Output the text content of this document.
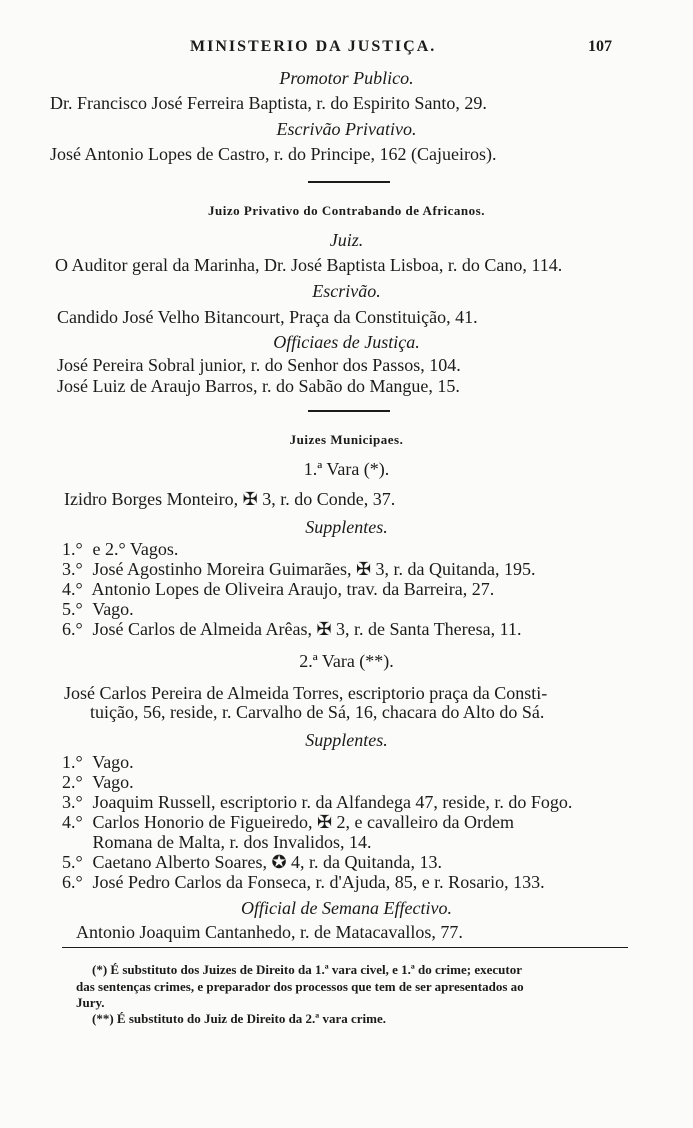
MINISTERIO DA JUSTIÇA.	107
Promotor Publico.
Dr. Francisco José Ferreira Baptista, r. do Espirito Santo, 29.
Escrivão Privativo.
José Antonio Lopes de Castro, r. do Principe, 162 (Cajueiros).
Juizo Privativo do Contrabando de Africanos.
Juiz.
O Auditor geral da Marinha, Dr. José Baptista Lisboa, r. do Cano, 114.
Escrivão.
Candido José Velho Bitancourt, Praça da Constituição, 41.
Officiaes de Justiça.
José Pereira Sobral junior, r. do Senhor dos Passos, 104.
José Luiz de Araujo Barros, r. do Sabão do Mangue, 15.
Juizes Municipaes.
1.ª Vara (*).
Izidro Borges Monteiro, ✠ 3, r. do Conde, 37.
Supplentes.
1.° e 2.° Vagos.
3.° José Agostinho Moreira Guimarães, ✠ 3, r. da Quitanda, 195.
4.° Antonio Lopes de Oliveira Araujo, trav. da Barreira, 27.
5.° Vago.
6.° José Carlos de Almeida Arêas, ✠ 3, r. de Santa Theresa, 11.
2.ª Vara (**).
José Carlos Pereira de Almeida Torres, escriptorio praça da Consti-
tuição, 56, reside, r. Carvalho de Sá, 16, chacara do Alto do Sá.
Supplentes.
1.° Vago.
2.° Vago.
3.° Joaquim Russell, escriptorio r. da Alfandega 47, reside, r. do Fogo.
4.° Carlos Honorio de Figueiredo, ✠ 2, e cavalleiro da Ordem
Romana de Malta, r. dos Invalidos, 14.
5.° Caetano Alberto Soares, ✪ 4, r. da Quitanda, 13.
6.° José Pedro Carlos da Fonseca, r. d'Ajuda, 85, e r. Rosario, 133.
Official de Semana Effectivo.
Antonio Joaquim Cantanhedo, r. de Matacavallos, 77.
(*) É substituto dos Juizes de Direito da 1.ª vara civel, e 1.ª do crime; executor
das sentenças crimes, e preparador dos processos que tem de ser apresentados ao
Jury.
(**) É substituto do Juiz de Direito da 2.ª vara crime.
